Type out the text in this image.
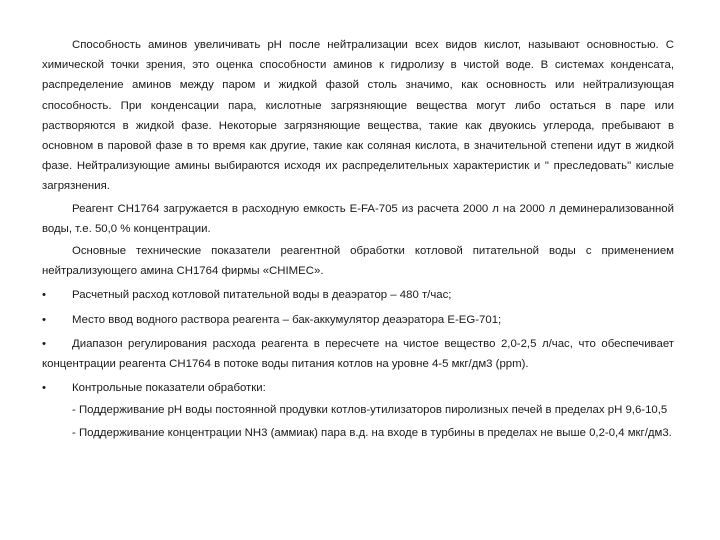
Способность аминов увеличивать pH после нейтрализации всех видов кислот, называют основностью. С химической точки зрения, это оценка способности аминов к гидролизу в чистой воде. В системах конденсата, распределение аминов между паром и жидкой фазой столь значимо, как основность или нейтрализующая способность. При конденсации пара, кислотные загрязняющие вещества могут либо остаться в паре или растворяются в жидкой фазе. Некоторые загрязняющие вещества, такие как двуокись углерода, пребывают в основном в паровой фазе в то время как другие, такие как соляная кислота, в значительной степени идут в жидкой фазе. Нейтрализующие амины выбираются исходя их распределительных характеристик и " преследовать" кислые загрязнения.

Реагент CH1764 загружается в расходную емкость E-FA-705 из расчета 2000 л на 2000 л деминерализованной воды, т.е. 50,0 % концентрации.

Основные технические показатели реагентной обработки котловой питательной воды с применением нейтрализующего амина CH1764 фирмы «CHIMEC».

•	Расчетный расход котловой питательной воды в деаэратор – 480 т/час;
•	Место ввод водного раствора реагента – бак-аккумулятор деаэратора E-EG-701;
•	Диапазон регулирования расхода реагента в пересчете на чистое вещество 2,0-2,5 л/час, что обеспечивает концентрации реагента CH1764 в потоке воды питания котлов на уровне 4-5 мкг/дм3 (ppm).
•	Контрольные показатели обработки:

- Поддерживание pH воды постоянной продувки котлов-утилизаторов пиролизных печей в пределах pH 9,6-10,5

- Поддерживание концентрации NH3 (аммиак) пара в.д. на входе в турбины в пределах не выше 0,2-0,4 мкг/дм3.
